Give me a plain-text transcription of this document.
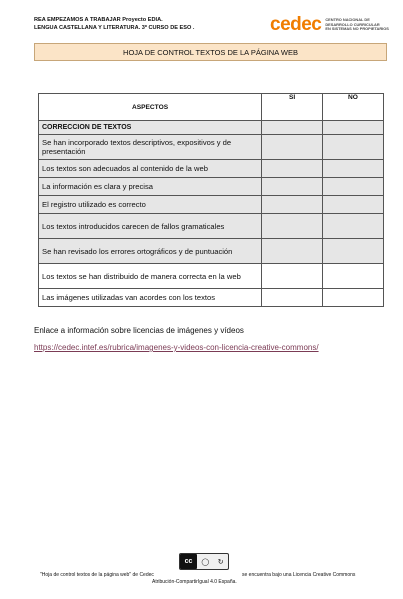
REA EMPEZAMOS A TRABAJAR Proyecto EDIA.
LENGUA CASTELLANA Y LITERATURA. 3º CURSO DE ESO .	cedec CENTRO NACIONAL DE
DESARROLLO CURRICULAR
EN SISTEMAS NO PROPIETARIOS
HOJA DE CONTROL TEXTOS DE LA PÁGINA WEB
ASPECTOS	SI	NO
CORRECCION DE TEXTOS		
Se han incorporado textos descriptivos, expositivos y de presentación		
Los textos son adecuados al contenido de la web		
La información es clara y precisa		
El registro utilizado es correcto		
Los textos introducidos carecen de fallos gramaticales		
Se han revisado los errores ortográficos y de puntuación		
Los textos se han distribuido de manera correcta en la web		
Las imágenes utilizadas van acordes con los textos		
Enlace a información sobre licencias de imágenes y vídeos
https://cedec.intef.es/rubrica/imagenes-y-videos-con-licencia-creative-commons/
cc	◯ ↻
"Hoja de control textos de la página web" de Cedec	se encuentra bajo una Licencia Creative Commons
Atribución-CompartirIgual 4.0 España.
